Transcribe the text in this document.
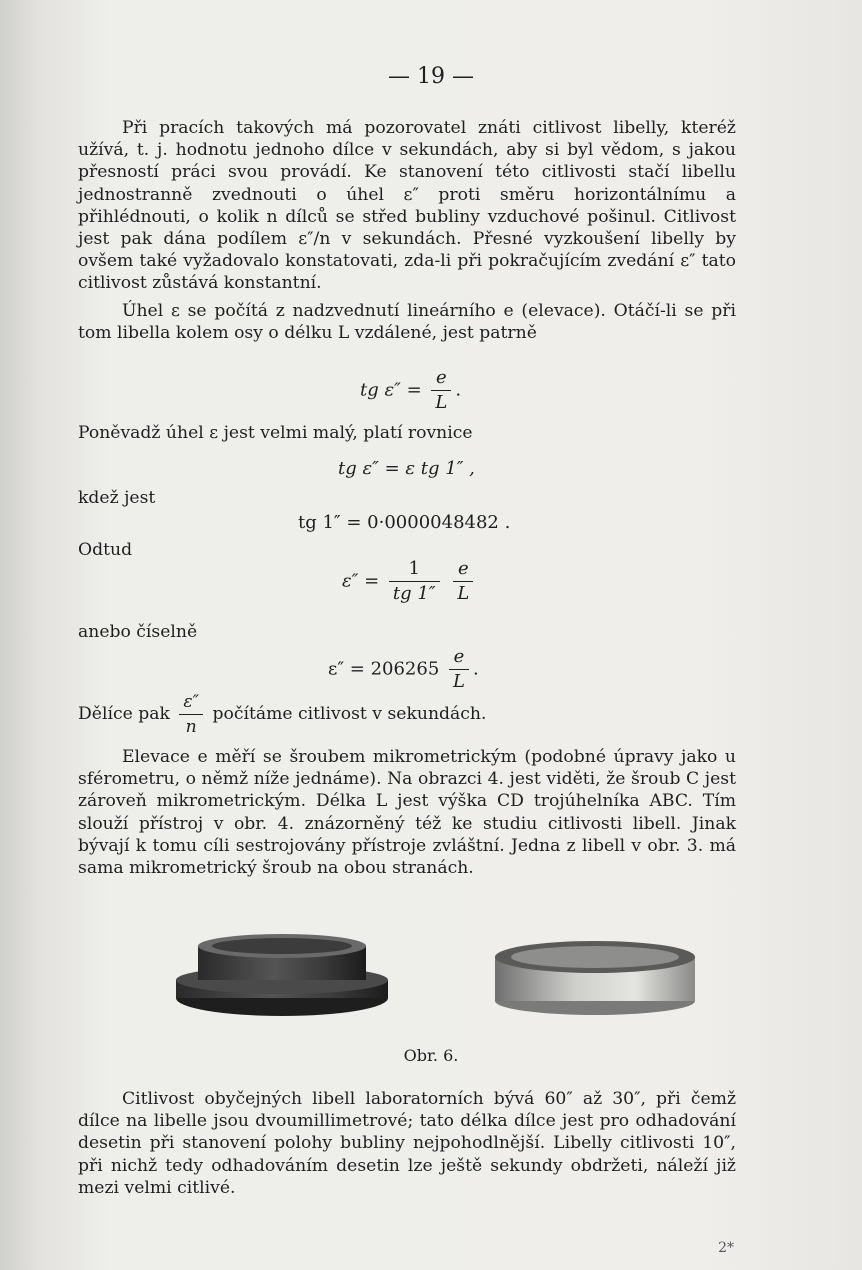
— 19 —

Při pracích takových má pozorovatel znáti citlivost libelly, kteréž užívá, t. j. hodnotu jednoho dílce v sekundách, aby si byl vědom, s jakou přesností práci svou provádí. Ke stanovení této citlivosti stačí libellu jednostranně zvednouti o úhel ε″ proti směru horizontálnímu a přihlédnouti, o kolik n dílců se střed bubliny vzduchové pošinul. Citlivost jest pak dána podílem ε″/n v sekundách. Přesné vyzkoušení libelly by ovšem také vyžadovalo konstatovati, zda-li při pokračujícím zvedání ε″ tato citlivost zůstává konstantní.

Úhel ε se počítá z nadzvednutí lineárního e (elevace). Otáčí-li se při tom libella kolem osy o délku L vzdálené, jest patrně

tg $\varepsilon'' = \frac{e}{L}$ .
Poněvadž úhel ε jest velmi malý, platí rovnice
tg ε″ = ε tg 1″ ,
kdež jest
tg 1″ = 0·0000048482 .
Odtud
$\varepsilon'' = \frac{1}{tg 1''}$
$\frac{e}{L}$
anebo číselně
$\varepsilon'' = 206265 \frac{e}{L}$ .
Dělíce pak $\frac{\varepsilon''}{n}$ počítáme citlivost v sekundách.

Elevace e měří se šroubem mikrometrickým (podobné úpravy jako u sférometru, o němž níže jednáme). Na obrazci 4. jest viděti, že šroub C jest zároveň mikrometrickým. Délka L jest výška CD trojúhelníka ABC. Tím slouží přístroj v obr. 4. znázorněný též ke studiu citlivosti libell. Jinak bývají k tomu cíli sestrojovány přístroje zvláštní. Jedna z libell v obr. 3. má sama mikrometrický šroub na obou stranách.

Obr. 6.

Citlivost obyčejných libell laboratorních bývá 60″ až 30″, při čemž dílce na libelle jsou dvoumillimetrové; tato délka dílce jest pro odhadování desetin při stanovení polohy bubliny nejpohodlnější. Libelly citlivosti 10″, při nichž tedy odhadováním desetin lze ještě sekundy obdržeti, náleží již mezi velmi citlivé.

2*
